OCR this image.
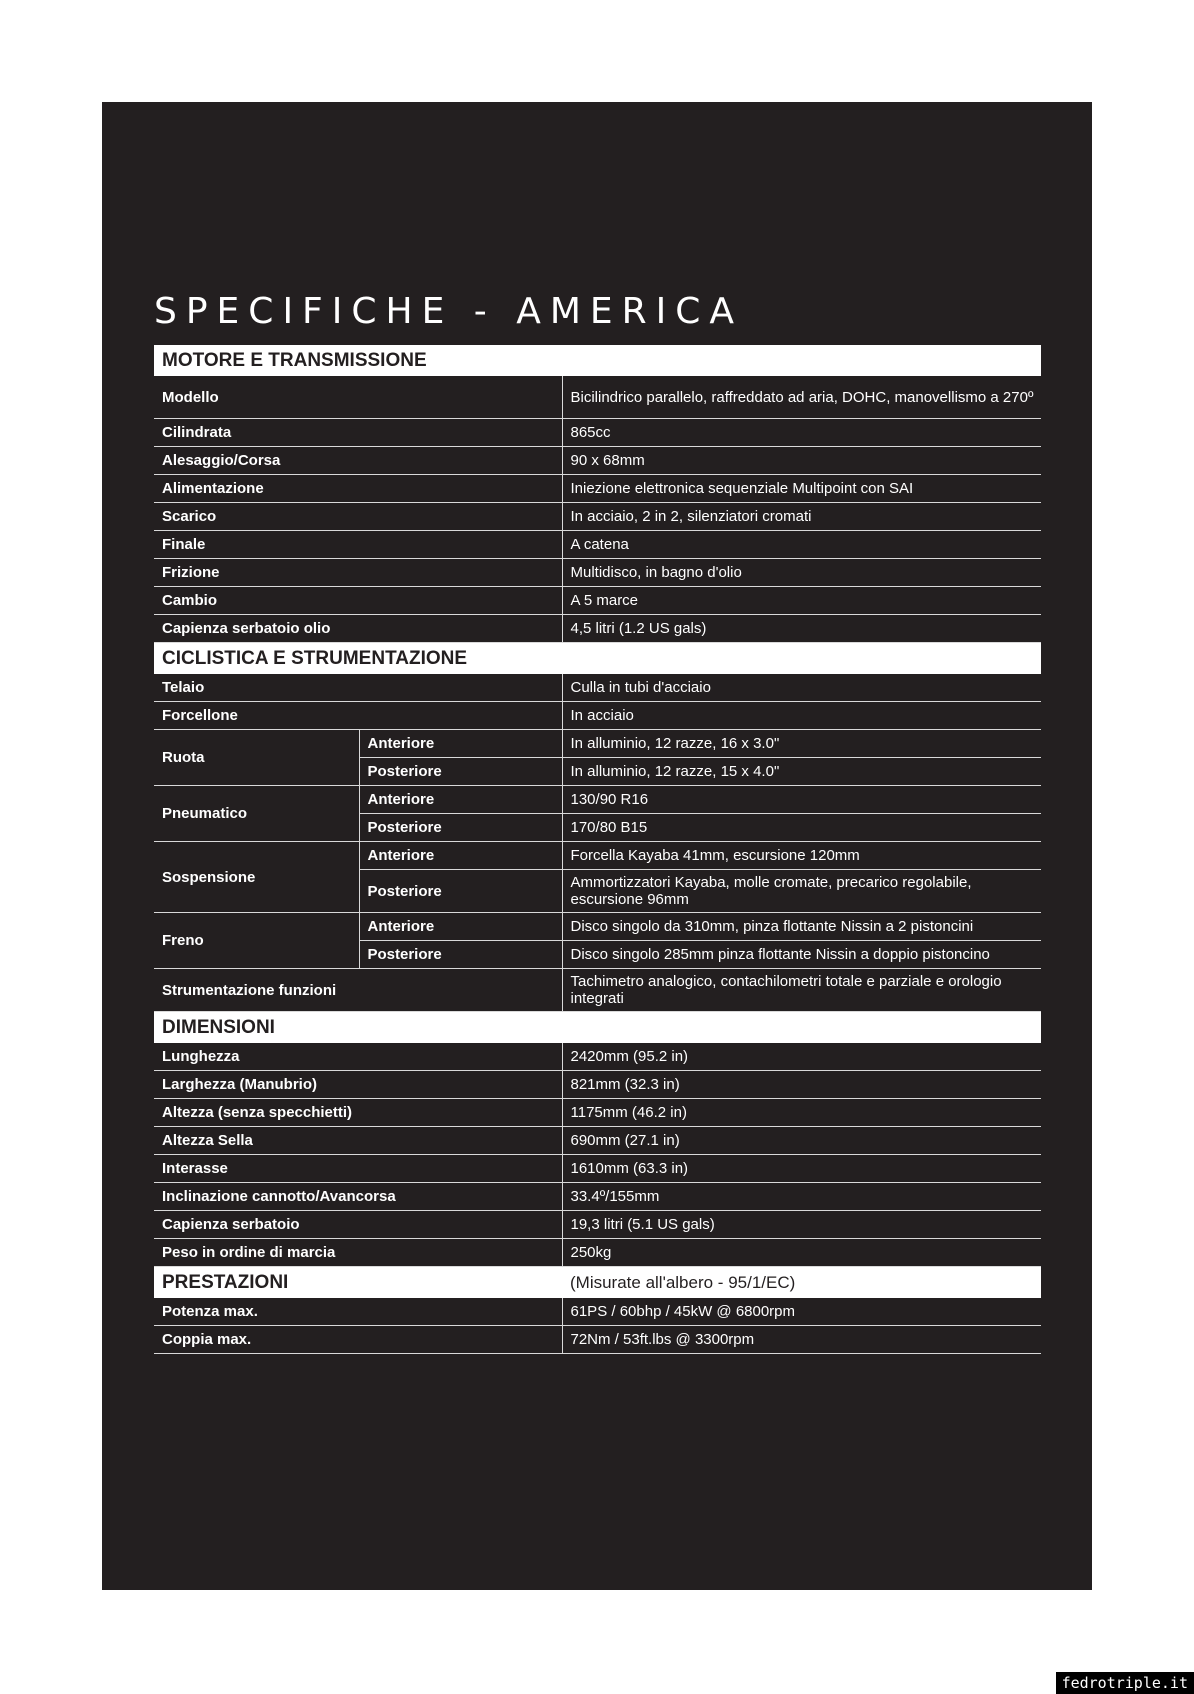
SPECIFICHE - AMERICA
MOTORE E TRANSMISSIONE		
Modello		Bicilindrico parallelo, raffreddato ad aria, DOHC, manovellismo a 270º
Cilindrata		865cc
Alesaggio/Corsa		90 x 68mm
Alimentazione		Iniezione elettronica sequenziale Multipoint con SAI
Scarico		In acciaio, 2 in 2, silenziatori cromati
Finale		A catena
Frizione		Multidisco, in bagno d'olio
Cambio		A 5 marce
Capienza serbatoio olio		4,5 litri (1.2 US gals)
CICLISTICA E STRUMENTAZIONE		
Telaio		Culla in tubi d'acciaio
Forcellone		In acciaio
Ruota	Anteriore	In alluminio, 12 razze, 16 x 3.0"
	Posteriore	In alluminio, 12 razze, 15 x 4.0"
Pneumatico	Anteriore	130/90 R16
	Posteriore	170/80 B15
Sospensione	Anteriore	Forcella Kayaba 41mm, escursione 120mm
	Posteriore	Ammortizzatori Kayaba, molle cromate, precarico regolabile, escursione 96mm
Freno	Anteriore	Disco singolo da 310mm, pinza flottante Nissin a 2 pistoncini
	Posteriore	Disco singolo 285mm pinza flottante Nissin a doppio pistoncino
Strumentazione funzioni		Tachimetro analogico, contachilometri totale e parziale e orologio integrati
DIMENSIONI		
Lunghezza		2420mm (95.2 in)
Larghezza (Manubrio)		821mm (32.3 in)
Altezza (senza specchietti)		1175mm (46.2 in)
Altezza Sella		690mm (27.1 in)
Interasse		1610mm (63.3 in)
Inclinazione cannotto/Avancorsa		33.4º/155mm
Capienza serbatoio		19,3 litri (5.1 US gals)
Peso in ordine di marcia		250kg
PRESTAZIONI		(Misurate all'albero - 95/1/EC)
Potenza max.		61PS / 60bhp / 45kW @ 6800rpm
Coppia max.		72Nm / 53ft.lbs @ 3300rpm
fedrotriple.it
